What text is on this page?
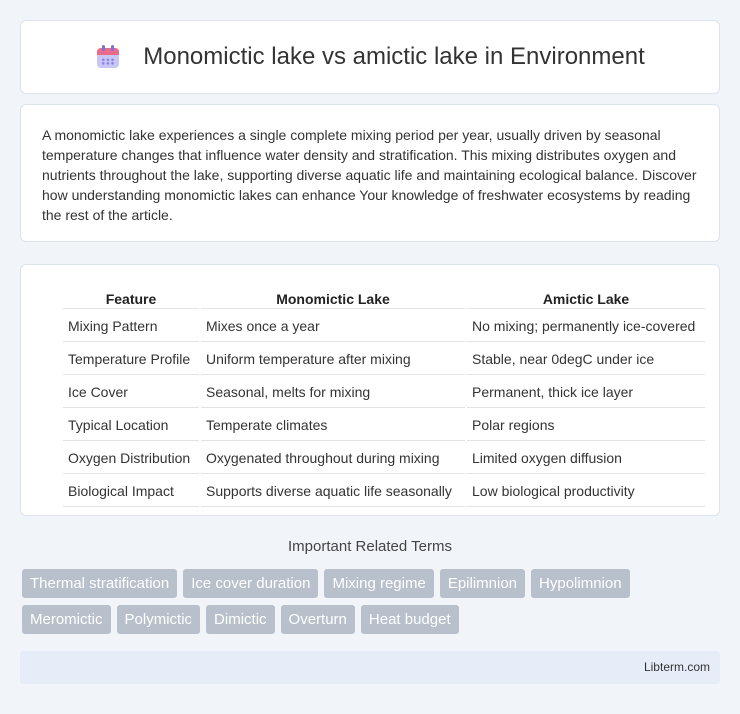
Monomictic lake vs amictic lake in Environment

A monomictic lake experiences a single complete mixing period per year, usually driven by seasonal temperature changes that influence water density and stratification. This mixing distributes oxygen and nutrients throughout the lake, supporting diverse aquatic life and maintaining ecological balance. Discover how understanding monomictic lakes can enhance Your knowledge of freshwater ecosystems by reading the rest of the article.

Feature	Monomictic Lake	Amictic Lake
Mixing Pattern	Mixes once a year	No mixing; permanently ice-covered
Temperature Profile	Uniform temperature after mixing	Stable, near 0degC under ice
Ice Cover	Seasonal, melts for mixing	Permanent, thick ice layer
Typical Location	Temperate climates	Polar regions
Oxygen Distribution	Oxygenated throughout during mixing	Limited oxygen diffusion
Biological Impact	Supports diverse aquatic life seasonally	Low biological productivity
Important Related Terms
Thermal stratification	Ice cover duration	Mixing regime	Epilimnion	Hypolimnion
Meromictic	Polymictic	Dimictic	Overturn	Heat budget
Libterm.com
